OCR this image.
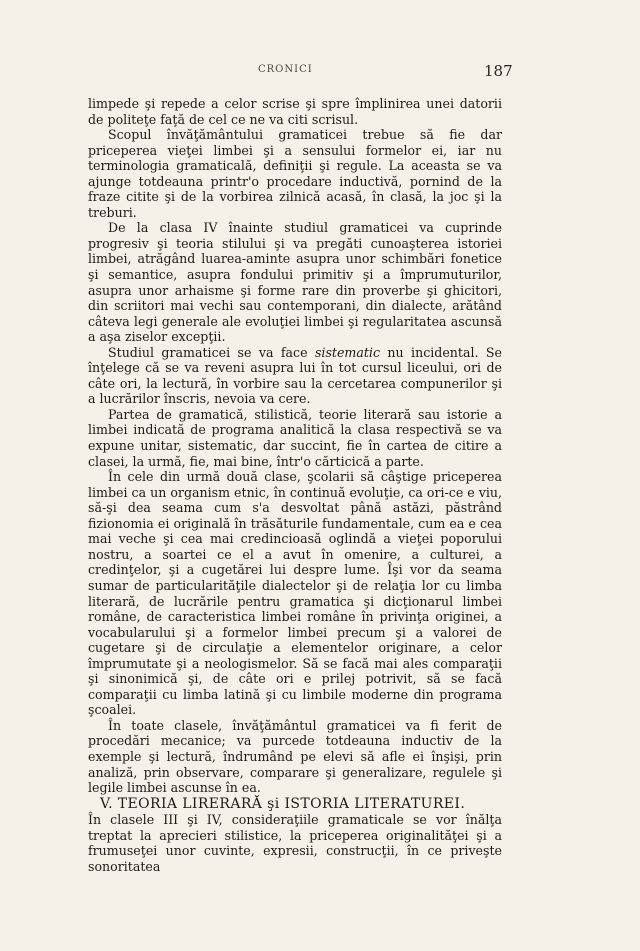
CRONICI	187

limpede şi repede a celor scrise şi spre împlinirea unei datorii de politeţe faţă de cel ce ne va citi scrisul.

Scopul învăţământului gramaticei trebue să fie dar priceperea vieţei limbei şi a sensului formelor ei, iar nu terminologia gramaticală, definiţii şi regule. La aceasta se va ajunge totdeauna printr'o procedare inductivă, pornind de la fraze citite şi de la vorbirea zilnică acasă, în clasă, la joc şi la treburi.

De la clasa IV înainte studiul gramaticei va cuprinde progresiv şi teoria stilului şi va pregăti cunoaşterea istoriei limbei, atrăgând luarea-aminte asupra unor schimbări fonetice şi semantice, asupra fondului primitiv şi a împrumuturilor, asupra unor arhaisme şi forme rare din proverbe şi ghicitori, din scriitori mai vechi sau contemporani, din dialecte, arătând câteva legi generale ale evoluţiei limbei şi regularitatea ascunsă a aşa ziselor excepţii.

Studiul gramaticei se va face sistematic nu incidental. Se înţelege că se va reveni asupra lui în tot cursul liceului, ori de câte ori, la lectură, în vorbire sau la cercetarea compunerilor şi a lucrărilor înscris, nevoia va cere.

Partea de gramatică, stilistică, teorie literară sau istorie a limbei indicată de programa analitică la clasa respectivă se va expune unitar, sistematic, dar succint, fie în cartea de citire a clasei, la urmă, fie, mai bine, într'o cărticică a parte.

În cele din urmă două clase, şcolarii să câştige priceperea limbei ca un organism etnic, în continuă evoluţie, ca ori-ce e viu, să-şi dea seama cum s'a desvoltat până astăzi, păstrând fizionomia ei originală în trăsăturile fundamentale, cum ea e cea mai veche şi cea mai credincioasă oglindă a vieţei poporului nostru, a soartei ce el a avut în omenire, a culturei, a credinţelor, şi a cugetărei lui despre lume. Îşi vor da seama sumar de particularităţile dialectelor şi de relaţia lor cu limba literară, de lucrările pentru gramatica şi dicţionarul limbei române, de caracteristica limbei române în privinţa originei, a vocabularului şi a formelor limbei precum şi a valorei de cugetare şi de circulaţie a elementelor originare, a celor împrumutate şi a neologismelor. Să se facă mai ales comparaţii şi sinonimică şi, de câte ori e prilej potrivit, să se facă comparaţii cu limba latină şi cu limbile moderne din programa şcoalei.

În toate clasele, învăţământul gramaticei va fi ferit de procedări mecanice; va purcede totdeauna inductiv de la exemple şi lectură, îndrumând pe elevi să afle ei înşişi, prin analiză, prin observare, comparare şi generalizare, regulele şi legile limbei ascunse în ea.

V. TEORIA LIRERARĂ şi ISTORIA LITERATUREI.

În clasele III şi IV, consideraţiile gramaticale se vor înălţa treptat la aprecieri stilistice, la priceperea originalităţei şi a frumuseţei unor cuvinte, expresii, construcţii, în ce priveşte sonoritatea
